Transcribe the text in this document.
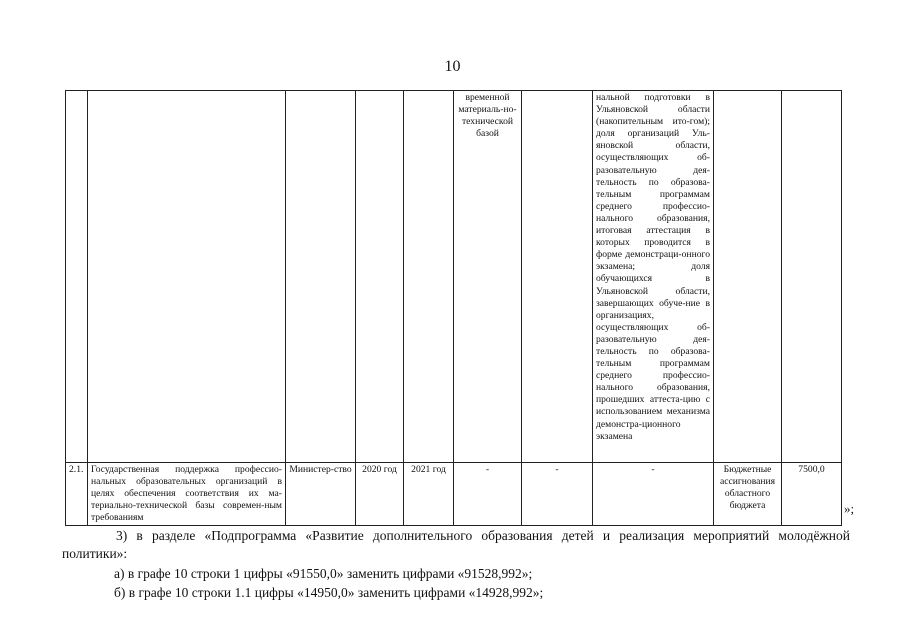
10
					временной материаль-но-технической базой		нальной подготовки в Ульяновской области (накопительным ито-гом); доля организаций Уль-яновской области, осуществляющих об-разовательную дея-тельность по образова-тельным программам среднего профессио-нального образования, итоговая аттестация в которых проводится в форме демонстраци-онного экзамена; доля обучающихся в Ульяновской области, завершающих обуче-ние в организациях, осуществляющих об-разовательную дея-тельность по образова-тельным программам среднего профессио-нального образования, прошедших аттеста-цию с использованием механизма демонстра-ционного экзамена		
2.1.	Государственная поддержка профессио-нальных образовательных организаций в целях обеспечения соответствия их ма-териально-технической базы современ-ным требованиям	Министер-ство	2020 год	2021 год	-	-	-	Бюджетные ассигнования областного бюджета	7500,0
»;
3) в разделе «Подпрограмма «Развитие дополнительного образования детей и реализация мероприятий молодёжной политики»:
а) в графе 10 строки 1 цифры «91550,0» заменить цифрами «91528,992»;
б) в графе 10 строки 1.1 цифры «14950,0» заменить цифрами «14928,992»;
